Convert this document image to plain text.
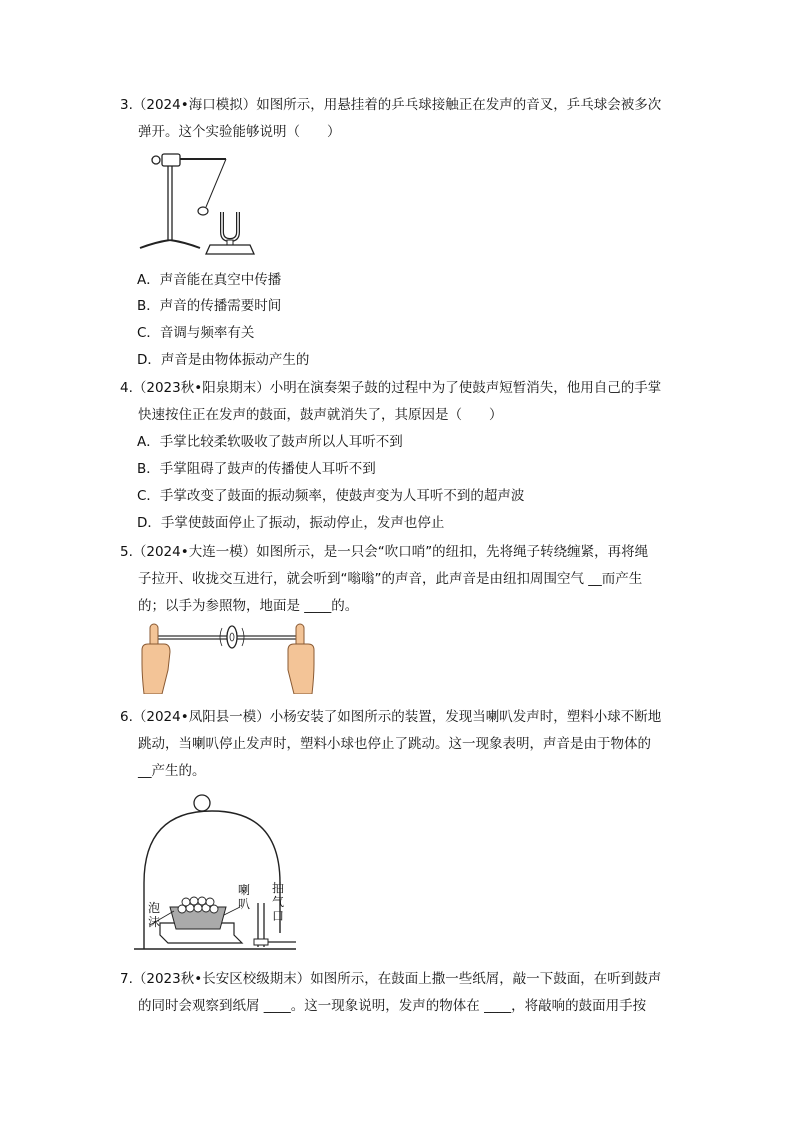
3.（2024•海口模拟）如图所示，用悬挂着的乒乓球接触正在发声的音叉，乒乓球会被多次

弹开。这个实验能够说明（　　）

A．声音能在真空中传播
B．声音的传播需要时间
C．音调与频率有关
D．声音是由物体振动产生的

4.（2023秋•阳泉期末）小明在演奏架子鼓的过程中为了使鼓声短暂消失，他用自己的手掌

快速按住正在发声的鼓面，鼓声就消失了，其原因是（　　）

A．手掌比较柔软吸收了鼓声所以人耳听不到
B．手掌阻碍了鼓声的传播使人耳听不到
C．手掌改变了鼓面的振动频率，使鼓声变为人耳听不到的超声波
D．手掌使鼓面停止了振动，振动停止，发声也停止

5.（2024•大连一模）如图所示，是一只会“吹口哨”的纽扣，先将绳子转绕缠紧，再将绳

子拉开、收拢交互进行，就会听到“嗡嗡”的声音，此声音是由纽扣周围空气 __而产生

的；以手为参照物，地面是 ____的。

6.（2024•凤阳县一模）小杨安装了如图所示的装置，发现当喇叭发声时，塑料小球不断地

跳动，当喇叭停止发声时，塑料小球也停止了跳动。这一现象表明，声音是由于物体的

__产生的。

喇叭
泡沫
抽气口

7.（2023秋•长安区校级期末）如图所示，在鼓面上撒一些纸屑，敲一下鼓面，在听到鼓声

的同时会观察到纸屑 ____。这一现象说明，发声的物体在 ____，将敲响的鼓面用手按
